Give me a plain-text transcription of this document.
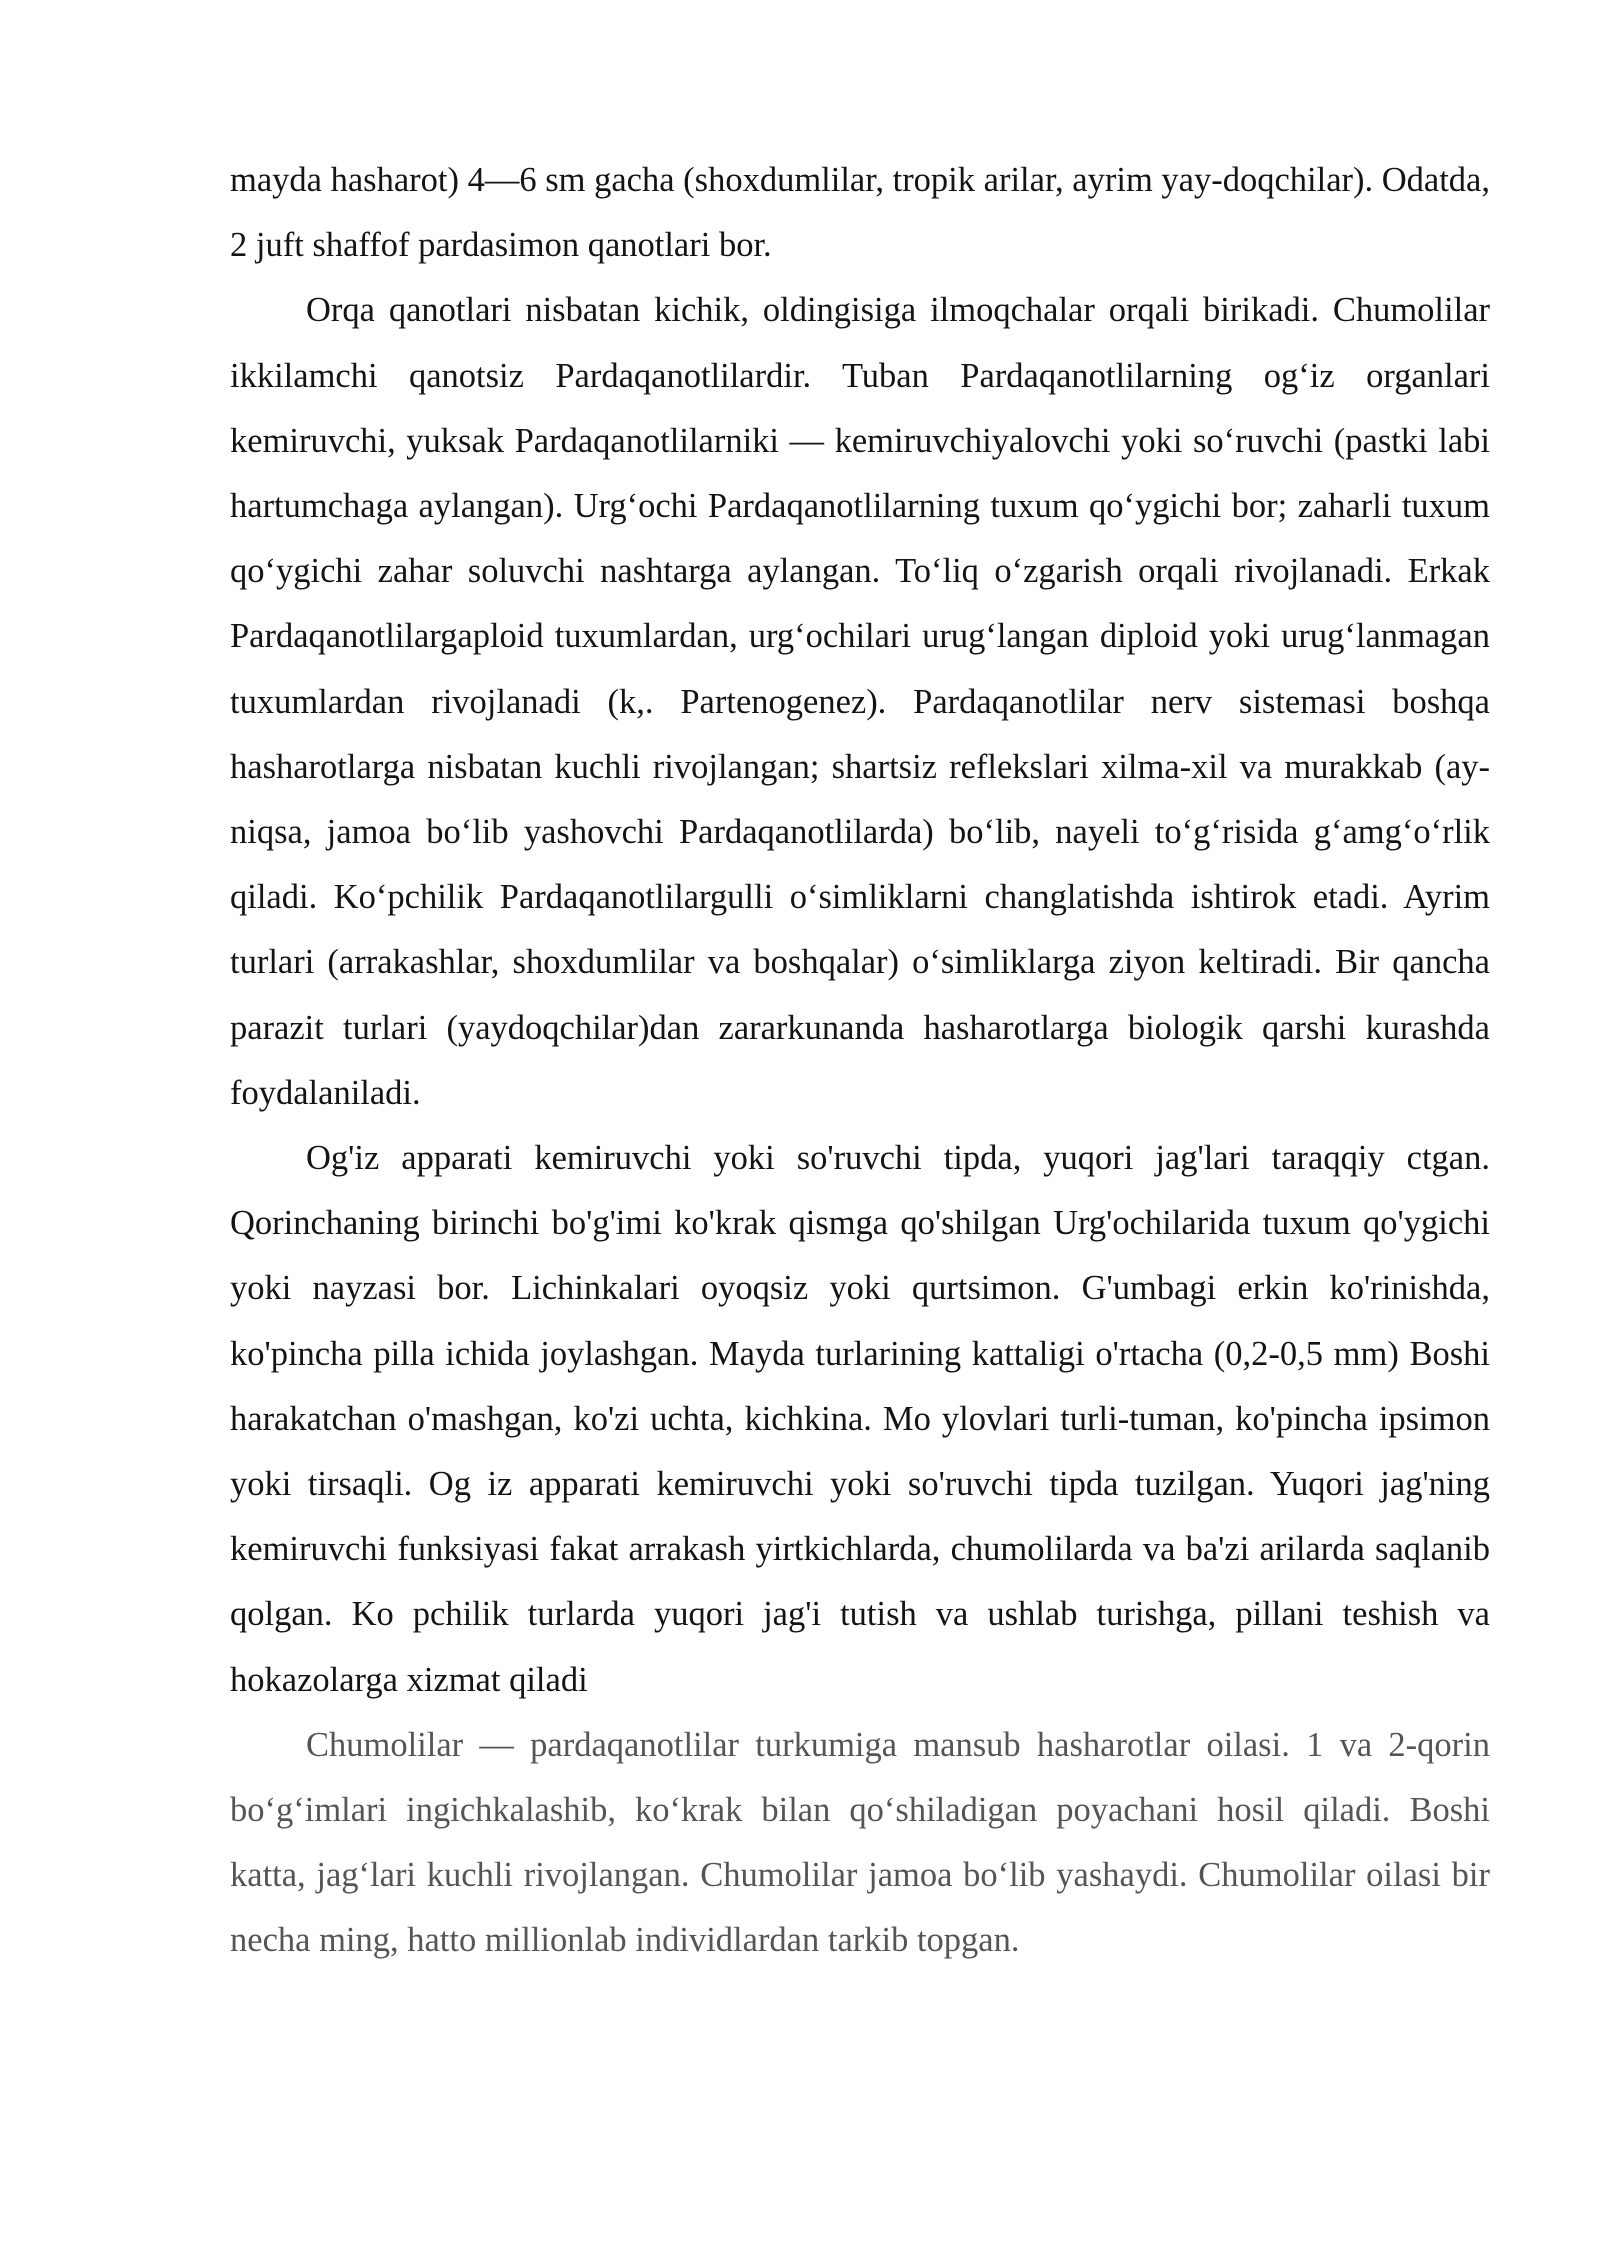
mayda hasharot) 4—6 sm gacha (shoxdumlilar, tropik arilar, ayrim yay-doqchilar). Odatda, 2 juft shaffof pardasimon qanotlari bor.

Orqa qanotlari nisbatan kichik, oldingisiga ilmoqchalar orqali birikadi. Chumolilar ikkilamchi qanotsiz Pardaqanotlilardir. Tuban Pardaqanotlilarning ogʻiz organlari kemiruvchi, yuksak Pardaqanotlilarniki — kemiruvchiyalovchi yoki soʻruvchi (pastki labi hartumchaga aylangan). Urgʻochi Pardaqanotlilarning tuxum qoʻygichi bor; zaharli tuxum qoʻygichi zahar soluvchi nashtarga aylangan. Toʻliq oʻzgarish orqali rivojlanadi. Erkak Pardaqanotlilargaploid tuxumlardan, urgʻochilari urugʻlangan diploid yoki urugʻlanmagan tuxumlardan rivojlanadi (k,. Partenogenez). Pardaqanotlilar nerv sistemasi boshqa hasharotlarga nisbatan kuchli rivojlangan; shartsiz reflekslari xilma-xil va murakkab (ay-niqsa, jamoa boʻlib yashovchi Pardaqanotlilarda) boʻlib, nayeli toʻgʻrisida gʻamgʻoʻrlik qiladi. Koʻpchilik Pardaqanotlilargulli oʻsimliklarni changlatishda ishtirok etadi. Ayrim turlari (arrakashlar, shoxdumlilar va boshqalar) oʻsimliklarga ziyon keltiradi. Bir qancha parazit turlari (yaydoqchilar)dan zararkunanda hasharotlarga biologik qarshi kurashda foydalaniladi.

Og'iz apparati kemiruvchi yoki so'ruvchi tipda, yuqori jag'lari taraqqiy ctgan. Qorinchaning birinchi bo'g'imi ko'krak qismga qo'shilgan Urg'ochilarida tuxum qo'ygichi yoki nayzasi bor. Lichinkalari oyoqsiz yoki qurtsimon. G'umbagi erkin ko'rinishda, ko'pincha pilla ichida joylashgan. Mayda turlarining kattaligi o'rtacha (0,2-0,5 mm) Boshi harakatchan o'mashgan, ko'zi uchta, kichkina. Mo ylovlari turli-tuman, ko'pincha ipsimon yoki tirsaqli. Og iz apparati kemiruvchi yoki so'ruvchi tipda tuzilgan. Yuqori jag'ning kemiruvchi funksiyasi fakat arrakash yirtkichlarda, chumolilarda va ba'zi arilarda saqlanib qolgan. Ko pchilik turlarda yuqori jag'i tutish va ushlab turishga, pillani teshish va hokazolarga xizmat qiladi

Chumolilar — pardaqanotlilar turkumiga mansub hasharotlar oilasi. 1 va 2-qorin boʻgʻimlari ingichkalashib, koʻkrak bilan qoʻshiladigan poyachani hosil qiladi. Boshi katta, jagʻlari kuchli rivojlangan. Chumolilar jamoa boʻlib yashaydi. Chumolilar oilasi bir necha ming, hatto millionlab individlardan tarkib topgan.
